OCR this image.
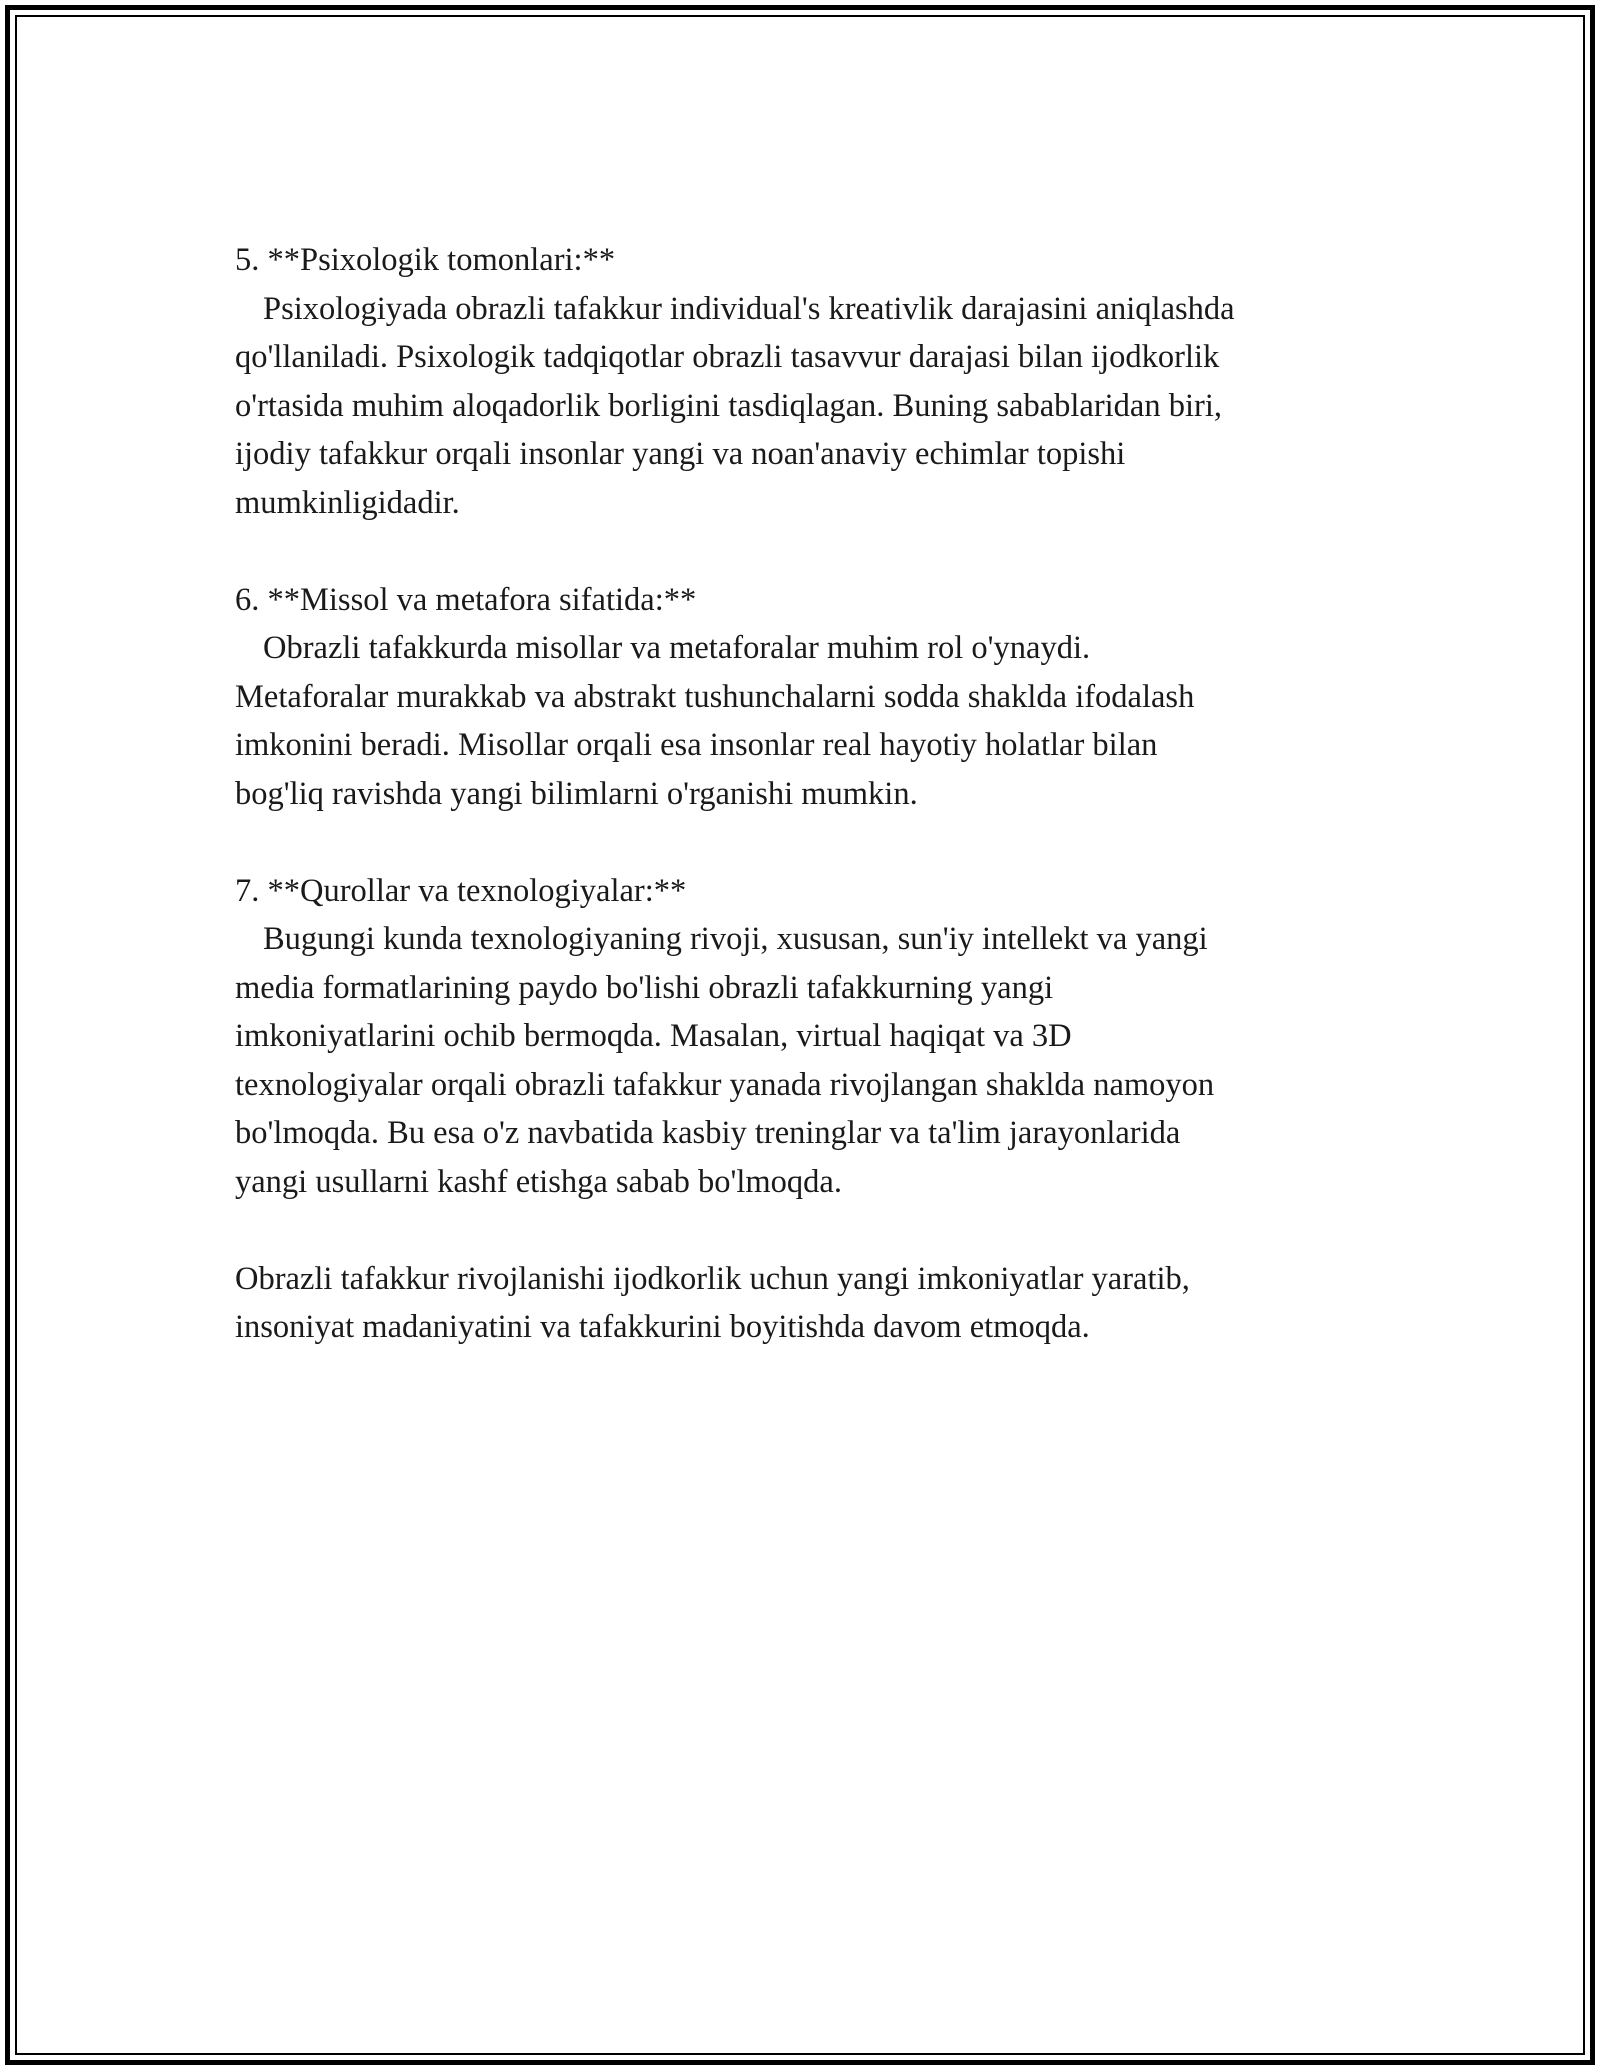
5. **Psixologik tomonlari:**
Psixologiyada obrazli tafakkur individual's kreativlik darajasini aniqlashda
qo'llaniladi. Psixologik tadqiqotlar obrazli tasavvur darajasi bilan ijodkorlik
o'rtasida muhim aloqadorlik borligini tasdiqlagan. Buning sabablaridan biri,
ijodiy tafakkur orqali insonlar yangi va noan'anaviy echimlar topishi
mumkinligidadir.
6. **Missol va metafora sifatida:**
Obrazli tafakkurda misollar va metaforalar muhim rol o'ynaydi.
Metaforalar murakkab va abstrakt tushunchalarni sodda shaklda ifodalash
imkonini beradi. Misollar orqali esa insonlar real hayotiy holatlar bilan
bog'liq ravishda yangi bilimlarni o'rganishi mumkin.
7. **Qurollar va texnologiyalar:**
Bugungi kunda texnologiyaning rivoji, xususan, sun'iy intellekt va yangi
media formatlarining paydo bo'lishi obrazli tafakkurning yangi
imkoniyatlarini ochib bermoqda. Masalan, virtual haqiqat va 3D
texnologiyalar orqali obrazli tafakkur yanada rivojlangan shaklda namoyon
bo'lmoqda. Bu esa o'z navbatida kasbiy treninglar va ta'lim jarayonlarida
yangi usullarni kashf etishga sabab bo'lmoqda.
Obrazli tafakkur rivojlanishi ijodkorlik uchun yangi imkoniyatlar yaratib,
insoniyat madaniyatini va tafakkurini boyitishda davom etmoqda.
